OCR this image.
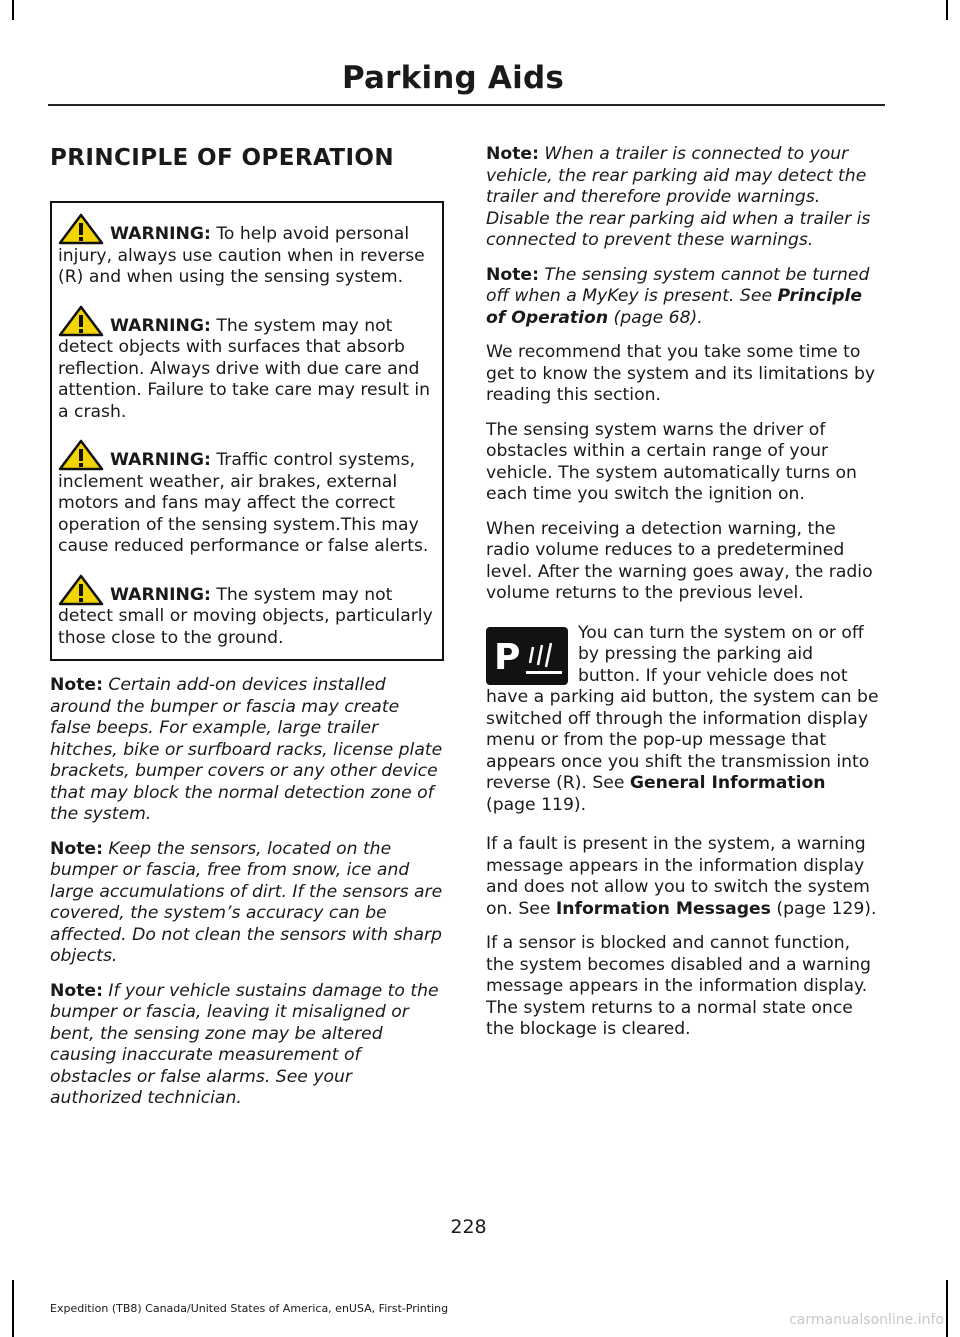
Parking Aids
PRINCIPLE OF OPERATION
WARNING: To help avoid personal injury, always use caution when in reverse (R) and when using the sensing system.
WARNING: The system may not detect objects with surfaces that absorb reflection. Always drive with due care and attention. Failure to take care may result in a crash.
WARNING: Traffic control systems, inclement weather, air brakes, external motors and fans may affect the correct operation of the sensing system.This may cause reduced performance or false alerts.
WARNING: The system may not detect small or moving objects, particularly those close to the ground.

Note: Certain add-on devices installed around the bumper or fascia may create false beeps. For example, large trailer hitches, bike or surfboard racks, license plate brackets, bumper covers or any other device that may block the normal detection zone of the system.

Note: Keep the sensors, located on the bumper or fascia, free from snow, ice and large accumulations of dirt. If the sensors are covered, the system’s accuracy can be affected. Do not clean the sensors with sharp objects.

Note: If your vehicle sustains damage to the bumper or fascia, leaving it misaligned or bent, the sensing zone may be altered causing inaccurate measurement of obstacles or false alarms. See your authorized technician.

Note: When a trailer is connected to your vehicle, the rear parking aid may detect the trailer and therefore provide warnings. Disable the rear parking aid when a trailer is connected to prevent these warnings.

Note: The sensing system cannot be turned off when a MyKey is present. See Principle of Operation (page 68).

We recommend that you take some time to get to know the system and its limitations by reading this section.

The sensing system warns the driver of obstacles within a certain range of your vehicle. The system automatically turns on each time you switch the ignition on.

When receiving a detection warning, the radio volume reduces to a predetermined level. After the warning goes away, the radio volume returns to the previous level.

P
You can turn the system on or off by pressing the parking aid button. If your vehicle does not have a parking aid button, the system can be switched off through the information display menu or from the pop-up message that appears once you shift the transmission into reverse (R). See General Information (page 119).

If a fault is present in the system, a warning message appears in the information display and does not allow you to switch the system on. See Information Messages (page 129).

If a sensor is blocked and cannot function, the system becomes disabled and a warning message appears in the information display. The system returns to a normal state once the blockage is cleared.

228
Expedition (TB8) Canada/United States of America, enUSA, First-Printing
carmanualsonline.info
